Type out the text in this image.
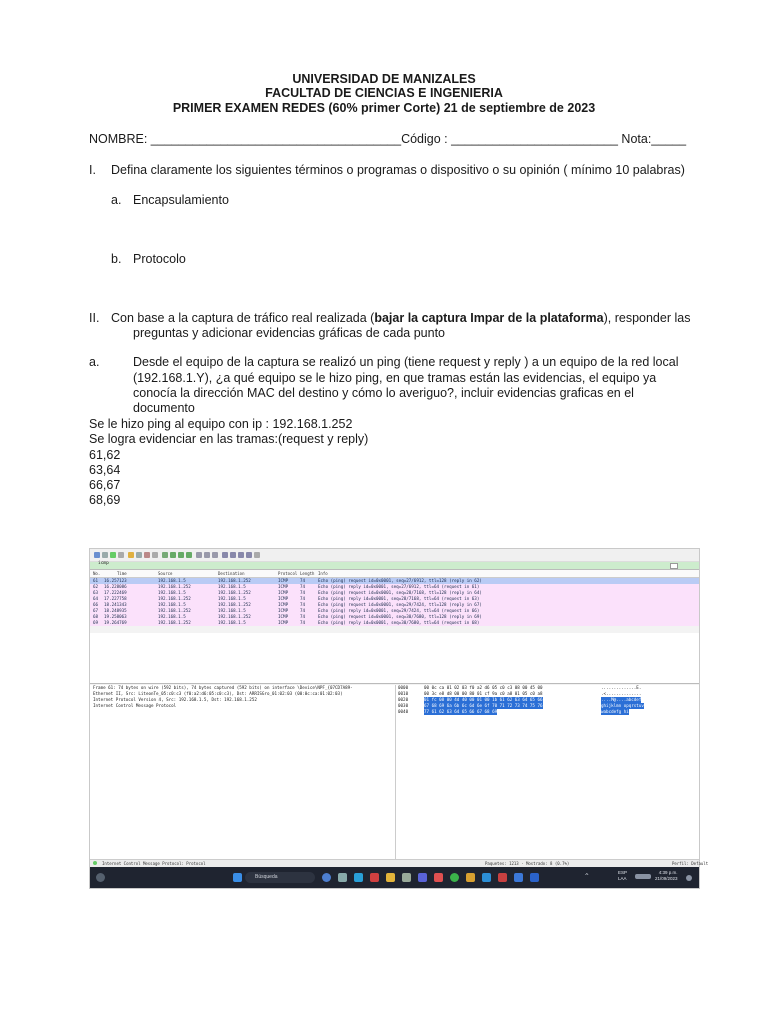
UNIVERSIDAD DE MANIZALES
FACULTAD DE CIENCIAS E INGENIERIA
PRIMER EXAMEN REDES (60% primer Corte) 21 de septiembre de 2023
NOMBRE: ____________________________________Código : ________________________ Nota:_____
I. Defina claramente los siguientes términos o programas o dispositivo o su opinión ( mínimo 10 palabras)
a. Encapsulamiento
b. Protocolo
II. Con base a la captura de tráfico real realizada (bajar la captura Impar de la plataforma), responder las
preguntas y adicionar evidencias gráficas de cada punto
a.	Desde el equipo de la captura se realizó un ping (tiene request y reply ) a un equipo de la red local
(192.168.1.Y), ¿a qué equipo se le hizo ping, en que tramas están las evidencias, el equipo ya
conocía la dirección MAC del destino y cómo lo averiguo?, incluir evidencias graficas en el
documento
Se le hizo ping al equipo con ip : 192.168.1.252
Se logra evidenciar en las tramas:(request y reply)
61,62
63,64
66,67
68,69
icmp
No.	Time	Source	Destination	Protocol Length Info
61 16.257123	192.168.1.5	192.168.1.252	ICMP	74	Echo (ping) request id=0x0001, seq=27/6912, ttl=128 (reply in 62)
62 16.228086	192.168.1.252	192.168.1.5	ICMP	74	Echo (ping) reply id=0x0001, seq=27/6912, ttl=64 (request in 61)
63 17.222469	192.168.1.5	192.168.1.252	ICMP	74	Echo (ping) request id=0x0001, seq=28/7168, ttl=128 (reply in 64)
64 17.227758	192.168.1.252	192.168.1.5	ICMP	74	Echo (ping) reply id=0x0001, seq=28/7168, ttl=64 (request in 63)
66 18.241343	192.168.1.5	192.168.1.252	ICMP	74	Echo (ping) request id=0x0001, seq=29/7424, ttl=128 (reply in 67)
67 18.248935	192.168.1.252	192.168.1.5	ICMP	74	Echo (ping) reply id=0x0001, seq=29/7424, ttl=64 (request in 66)
68 19.258063	192.168.1.5	192.168.1.252	ICMP	74	Echo (ping) request id=0x0001, seq=30/7680, ttl=128 (reply in 69)
69 19.264769	192.168.1.252	192.168.1.5	ICMP	74	Echo (ping) reply id=0x0001, seq=30/7680, ttl=64 (request in 68)
Frame 61: 74 bytes on wire (592 bits), 74 bytes captured (592 bits) on interface \Device\NPF_{07CD7A89-
Ethernet II, Src: LiteonTe_05:c0:c3 (f0:a2:d6:05:c0:c3), Dst: ARRISGro_01:02:03 (00:0c:ca:01:02:03)
Internet Protocol Version 4, Src: 192.168.1.5, Dst: 192.168.1.252
Internet Control Message Protocol
0000	00 0c ca 01 02 03 f0 a2 d6 05 c0 c3 08 00 45 00	..............E.
0010	00 3c e8 d8 00 00 80 01 cf 9a c0 a8 01 05 c0 a8	.<..............
0020	01 fc 08 00 4d 40 00 01 00 1b 61 62 63 64 65 66	....M@....abcdef
0030	67 68 69 6a 6b 6c 6d 6e 6f 70 71 72 73 74 75 76	ghijklmn opqrstuv
0040	77 61 62 63 64 65 66 67 68 69	wabcdefg hi
Internet Control Message Protocol: Protocol	Paquetes: 1213 · Mostrado: 8 (0.7%)	Perfil: Default
Búsqueda	^
ESP
LAA
4:39 p.m.
21/09/2023
